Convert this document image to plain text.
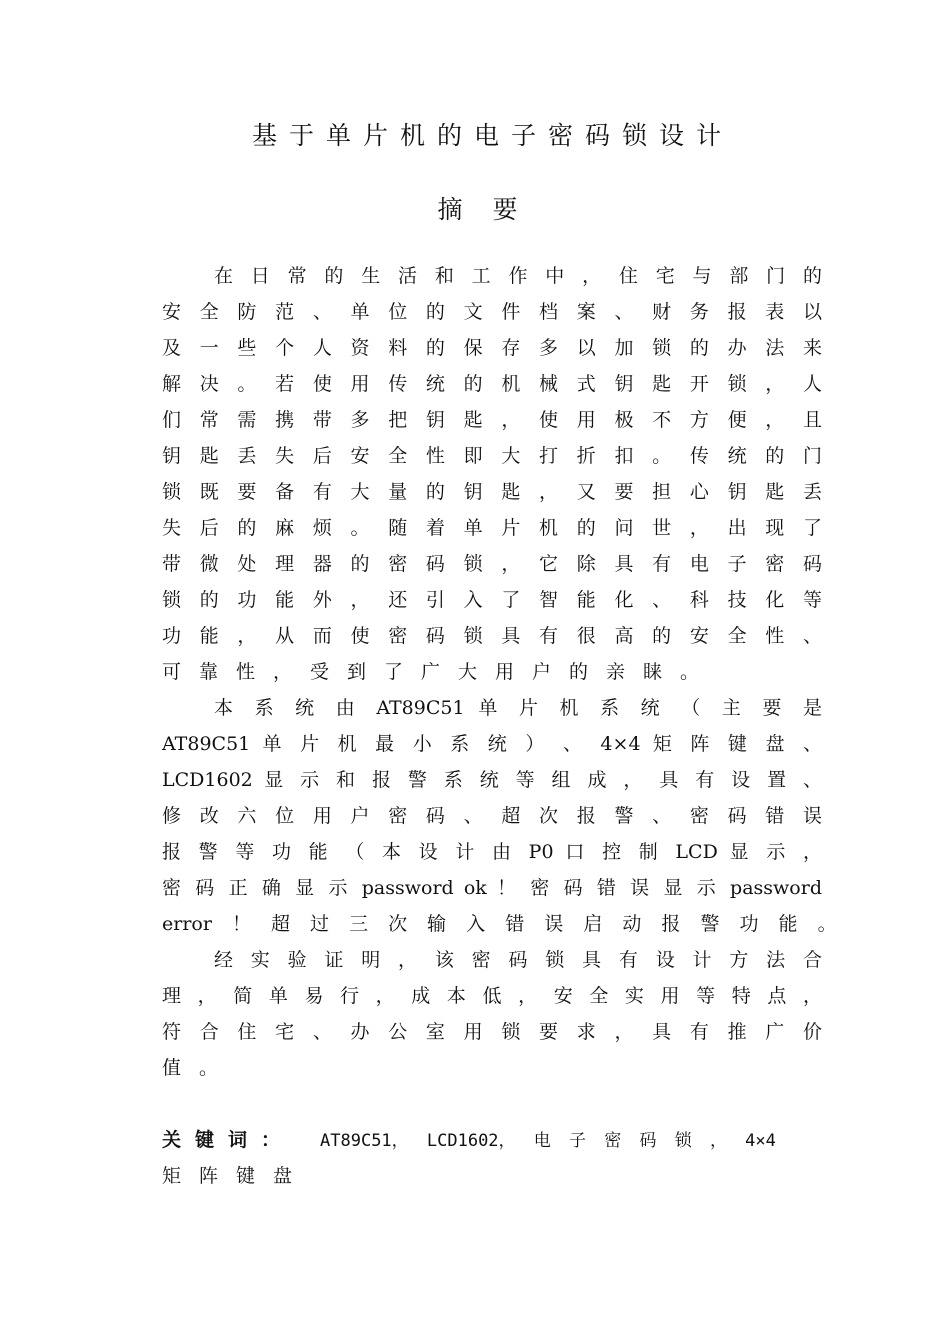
基于单片机的电子密码锁设计
摘要
在日常的生活和工作中，住宅与部门的
安全防范、单位的文件档案、财务报表以
及一些个人资料的保存多以加锁的办法来
解决。若使用传统的机械式钥匙开锁，人
们常需携带多把钥匙，使用极不方便，且
钥匙丢失后安全性即大打折扣。传统的门
锁既要备有大量的钥匙，又要担心钥匙丢
失后的麻烦。随着单片机的问世，出现了
带微处理器的密码锁，它除具有电子密码
锁的功能外，还引入了智能化、科技化等
功能，从而使密码锁具有很高的安全性、
可靠性，受到了广大用户的亲睐。
本 系 统 由 AT89C51 单 片 机 系 统 （ 主 要 是
AT89C51 单 片 机 最 小 系 统 ） 、 4×4 矩 阵 键 盘 、
LCD1602 显 示 和 报 警 系 统 等 组 成 ， 具 有 设 置 、
修 改 六 位 用 户 密 码 、 超 次 报 警 、 密 码 错 误
报 警 等 功 能 （ 本 设 计 由 P0 口 控 制 LCD 显 示 ，
密 码 正 确 显 示 password ok ！ 密 码 错 误 显 示 password
error ！ 超 过 三 次 输 入 错 误 启 动 报 警 功 能 。
经实验证明，该密码锁具有设计方法合
理，简单易行，成本低，安全实用等特点，
符合住宅、办公室用锁要求，具有推广价
值。
关键词： AT89C51， LCD1602， 电 子 密 码 锁 ， 4×4
矩阵键盘
